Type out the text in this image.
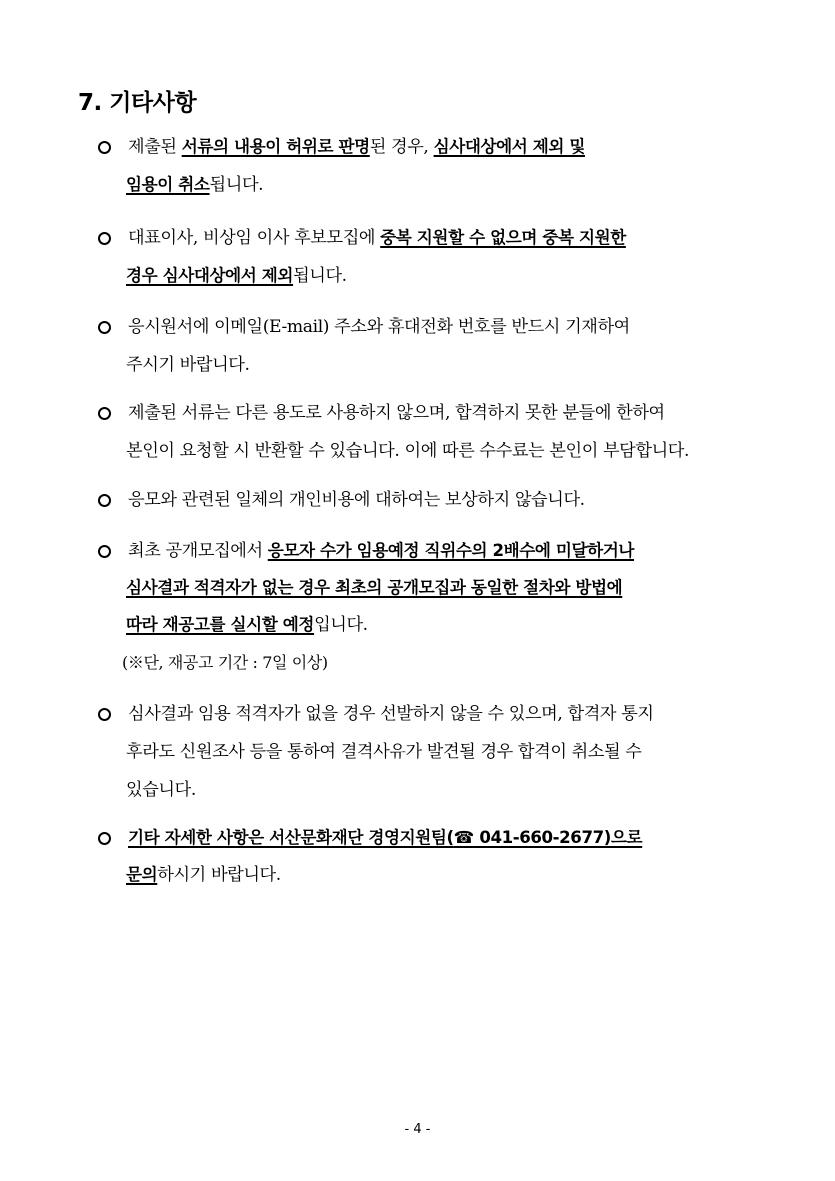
7. 기타사항
제출된 서류의 내용이 허위로 판명된 경우, 심사대상에서 제외 및
임용이 취소됩니다.
대표이사, 비상임 이사 후보모집에 중복 지원할 수 없으며 중복 지원한
경우 심사대상에서 제외됩니다.
응시원서에 이메일(E-mail) 주소와 휴대전화 번호를 반드시 기재하여
주시기 바랍니다.
제출된 서류는 다른 용도로 사용하지 않으며, 합격하지 못한 분들에 한하여
본인이 요청할 시 반환할 수 있습니다. 이에 따른 수수료는 본인이 부담합니다.
응모와 관련된 일체의 개인비용에 대하여는 보상하지 않습니다.
최초 공개모집에서 응모자 수가 임용예정 직위수의 2배수에 미달하거나
심사결과 적격자가 없는 경우 최초의 공개모집과 동일한 절차와 방법에
따라 재공고를 실시할 예정입니다.
(※단, 재공고 기간 : 7일 이상)
심사결과 임용 적격자가 없을 경우 선발하지 않을 수 있으며, 합격자 통지
후라도 신원조사 등을 통하여 결격사유가 발견될 경우 합격이 취소될 수
있습니다.
기타 자세한 사항은 서산문화재단 경영지원팀(☎ 041-660-2677)으로
문의하시기 바랍니다.
- 4 -
